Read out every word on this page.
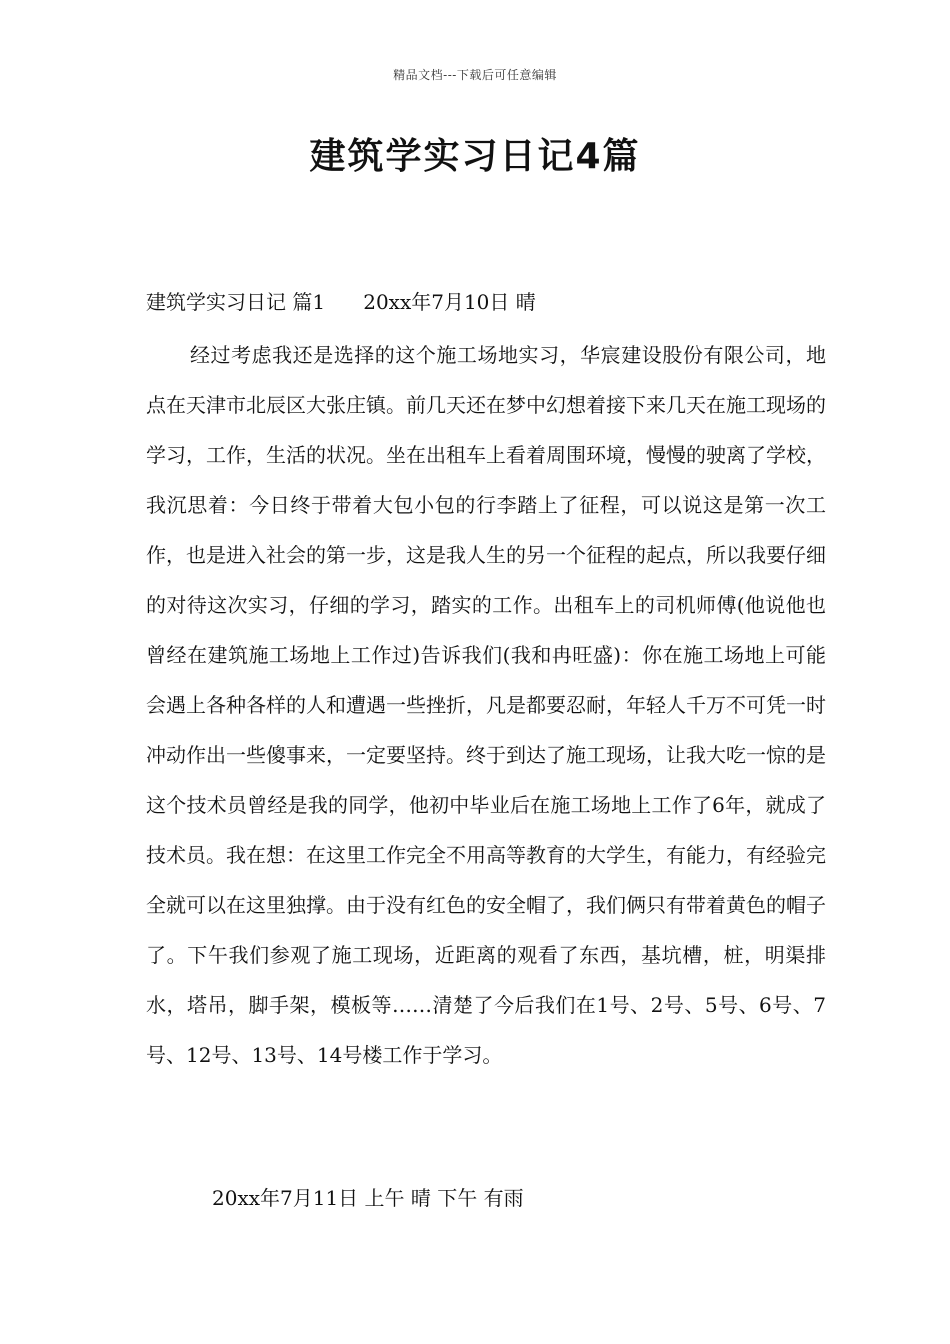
精品文档---下载后可任意编辑
建筑学实习日记4篇
建筑学实习日记 篇1      20xx年7月10日 晴

经过考虑我还是选择的这个施工场地实习，华宸建设股份有限公司，地点在天津市北辰区大张庄镇。前几天还在梦中幻想着接下来几天在施工现场的学习，工作，生活的状况。坐在出租车上看着周围环境，慢慢的驶离了学校，我沉思着：今日终于带着大包小包的行李踏上了征程，可以说这是第一次工作，也是进入社会的第一步，这是我人生的另一个征程的起点，所以我要仔细的对待这次实习，仔细的学习，踏实的工作。出租车上的司机师傅(他说他也曾经在建筑施工场地上工作过)告诉我们(我和冉旺盛)：你在施工场地上可能会遇上各种各样的人和遭遇一些挫折，凡是都要忍耐，年轻人千万不可凭一时冲动作出一些傻事来，一定要坚持。终于到达了施工现场，让我大吃一惊的是这个技术员曾经是我的同学，他初中毕业后在施工场地上工作了6年，就成了技术员。我在想：在这里工作完全不用高等教育的大学生，有能力，有经验完全就可以在这里独撑。由于没有红色的安全帽了，我们俩只有带着黄色的帽子了。下午我们参观了施工现场，近距离的观看了东西，基坑槽，桩，明渠排水，塔吊，脚手架，模板等……清楚了今后我们在1号、2号、5号、6号、7号、12号、13号、14号楼工作于学习。

20xx年7月11日 上午 晴 下午 有雨
